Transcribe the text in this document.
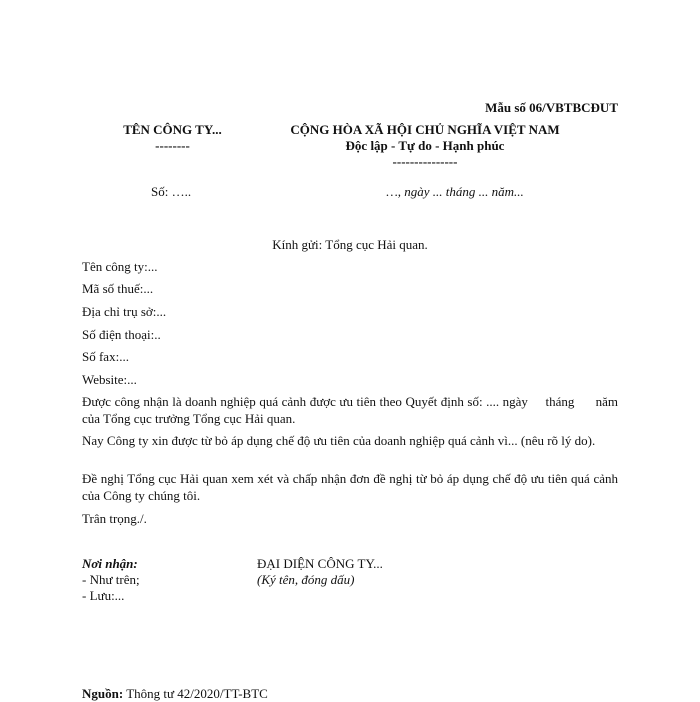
Mẫu số 06/VBTBCĐUT
TÊN CÔNG TY...
--------
CỘNG HÒA XÃ HỘI CHỦ NGHĨA VIỆT NAM
Độc lập - Tự do - Hạnh phúc
---------------
Số: …..	…, ngày ... tháng ... năm...
Kính gửi: Tổng cục Hải quan.
Tên công ty:...
Mã số thuế:...
Địa chỉ trụ sở:...
Số điện thoại:..
Số fax:...
Website:...
Được công nhận là doanh nghiệp quá cảnh được ưu tiên theo Quyết định số: .... ngày     tháng      năm      của Tổng cục trưởng Tổng cục Hải quan.
Nay Công ty xin được từ bỏ áp dụng chế độ ưu tiên của doanh nghiệp quá cảnh vì... (nêu rõ lý do).
Đề nghị Tổng cục Hải quan xem xét và chấp nhận đơn đề nghị từ bỏ áp dụng chế độ ưu tiên quá cảnh của Công ty chúng tôi.
Trân trọng./.
Nơi nhận:
- Như trên;
- Lưu:...
ĐẠI DIỆN CÔNG TY...
(Ký tên, đóng dấu)
Nguồn: Thông tư 42/2020/TT-BTC
